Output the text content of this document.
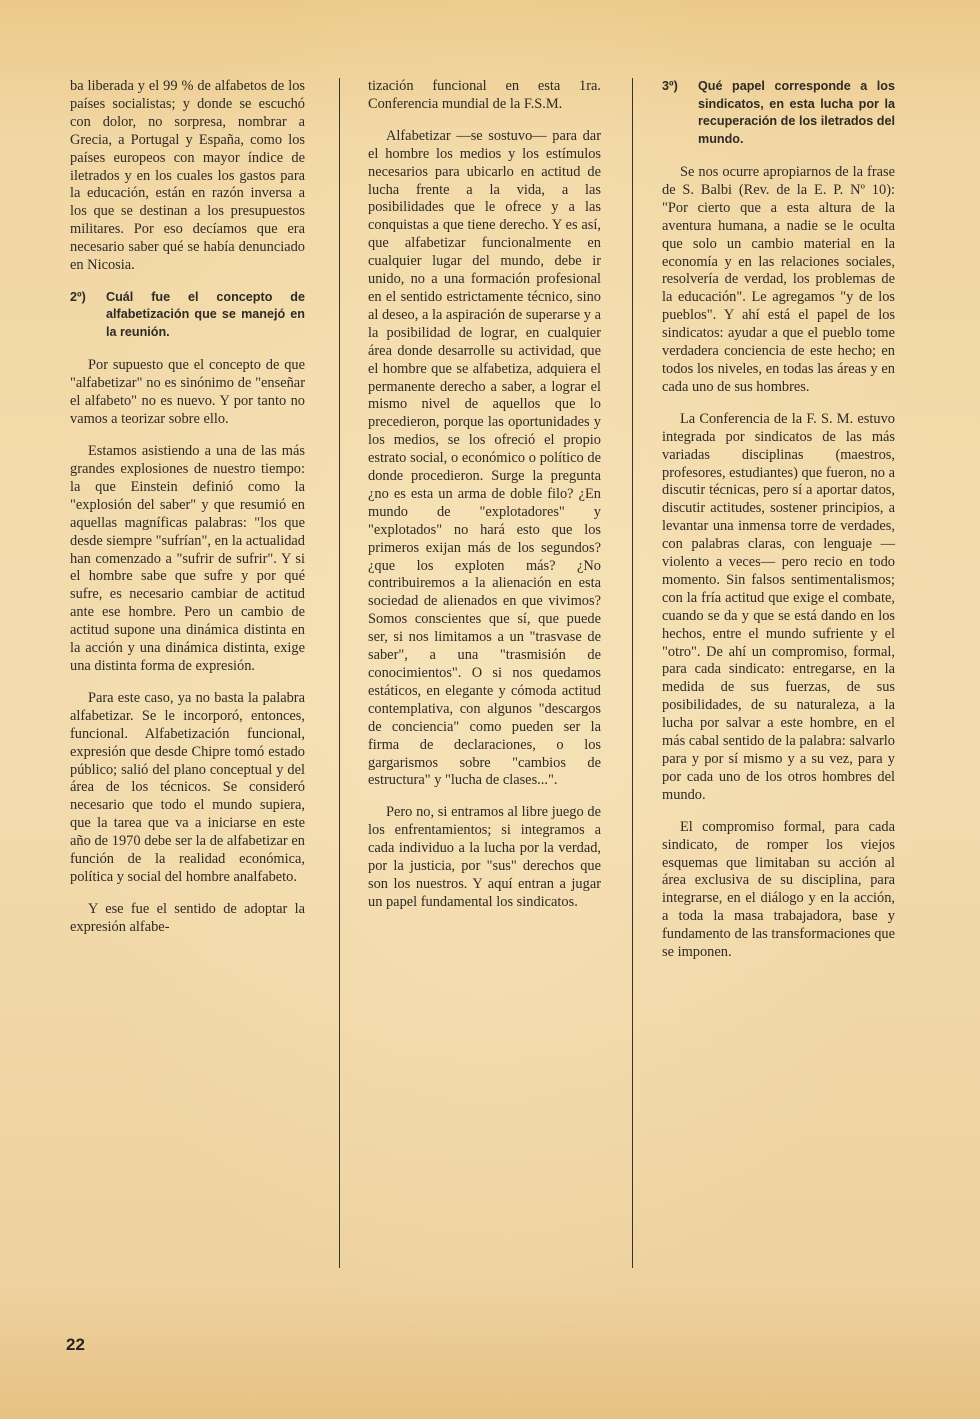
ba liberada y el 99 % de alfabetos de los países socialistas; y donde se escuchó con dolor, no sorpresa, nombrar a Grecia, a Portugal y España, como los países europeos con mayor índice de iletrados y en los cuales los gastos para la educación, están en razón inversa a los que se destinan a los presupuestos militares. Por eso decíamos que era necesario saber qué se había denunciado en Nicosia.

2º) Cuál fue el concepto de alfabetización que se manejó en la reunión.

Por supuesto que el concepto de que "alfabetizar" no es sinónimo de "enseñar el alfabeto" no es nuevo. Y por tanto no vamos a teorizar sobre ello.

Estamos asistiendo a una de las más grandes explosiones de nuestro tiempo: la que Einstein definió como la "explosión del saber" y que resumió en aquellas magníficas palabras: "los que desde siempre "sufrían", en la actualidad han comenzado a "sufrir de sufrir". Y si el hombre sabe que sufre y por qué sufre, es necesario cambiar de actitud ante ese hombre. Pero un cambio de actitud supone una dinámica distinta en la acción y una dinámica distinta, exige una distinta forma de expresión.

Para este caso, ya no basta la palabra alfabetizar. Se le incorporó, entonces, funcional. Alfabetización funcional, expresión que desde Chipre tomó estado público; salió del plano conceptual y del área de los técnicos. Se consideró necesario que todo el mundo supiera, que la tarea que va a iniciarse en este año de 1970 debe ser la de alfabetizar en función de la realidad económica, política y social del hombre analfabeto.

Y ese fue el sentido de adoptar la expresión alfabe-

tización funcional en esta 1ra. Conferencia mundial de la F.S.M.

Alfabetizar —se sostuvo— para dar el hombre los medios y los estímulos necesarios para ubicarlo en actitud de lucha frente a la vida, a las posibilidades que le ofrece y a las conquistas a que tiene derecho. Y es así, que alfabetizar funcionalmente en cualquier lugar del mundo, debe ir unido, no a una formación profesional en el sentido estrictamente técnico, sino al deseo, a la aspiración de superarse y a la posibilidad de lograr, en cualquier área donde desarrolle su actividad, que el hombre que se alfabetiza, adquiera el permanente derecho a saber, a lograr el mismo nivel de aquellos que lo precedieron, porque las oportunidades y los medios, se los ofreció el propio estrato social, o económico o político de donde procedieron. Surge la pregunta ¿no es esta un arma de doble filo? ¿En mundo de "explotadores" y "explotados" no hará esto que los primeros exijan más de los segundos? ¿que los exploten más? ¿No contribuiremos a la alienación en esta sociedad de alienados en que vivimos? Somos conscientes que sí, que puede ser, si nos limitamos a un "trasvase de saber", a una "trasmisión de conocimientos". O si nos quedamos estáticos, en elegante y cómoda actitud contemplativa, con algunos "descargos de conciencia" como pueden ser la firma de declaraciones, o los gargarismos sobre "cambios de estructura" y "lucha de clases...".

Pero no, si entramos al libre juego de los enfrentamientos; si integramos a cada individuo a la lucha por la verdad, por la justicia, por "sus" derechos que son los nuestros. Y aquí entran a jugar un papel fundamental los sindicatos.

3º) Qué papel corresponde a los sindicatos, en esta lucha por la recuperación de los iletrados del mundo.

Se nos ocurre apropiarnos de la frase de S. Balbi (Rev. de la E. P. Nº 10): "Por cierto que a esta altura de la aventura humana, a nadie se le oculta que solo un cambio material en la economía y en las relaciones sociales, resolvería de verdad, los problemas de la educación". Le agregamos "y de los pueblos". Y ahí está el papel de los sindicatos: ayudar a que el pueblo tome verdadera conciencia de este hecho; en todos los niveles, en todas las áreas y en cada uno de sus hombres.

La Conferencia de la F. S. M. estuvo integrada por sindicatos de las más variadas disciplinas (maestros, profesores, estudiantes) que fueron, no a discutir técnicas, pero sí a aportar datos, discutir actitudes, sostener principios, a levantar una inmensa torre de verdades, con palabras claras, con lenguaje —violento a veces— pero recio en todo momento. Sin falsos sentimentalismos; con la fría actitud que exige el combate, cuando se da y que se está dando en los hechos, entre el mundo sufriente y el "otro". De ahí un compromiso, formal, para cada sindicato: entregarse, en la medida de sus fuerzas, de sus posibilidades, de su naturaleza, a la lucha por salvar a este hombre, en el más cabal sentido de la palabra: salvarlo para y por sí mismo y a su vez, para y por cada uno de los otros hombres del mundo.

El compromiso formal, para cada sindicato, de romper los viejos esquemas que limitaban su acción al área exclusiva de su disciplina, para integrarse, en el diálogo y en la acción, a toda la masa trabajadora, base y fundamento de las transformaciones que se imponen.

22
